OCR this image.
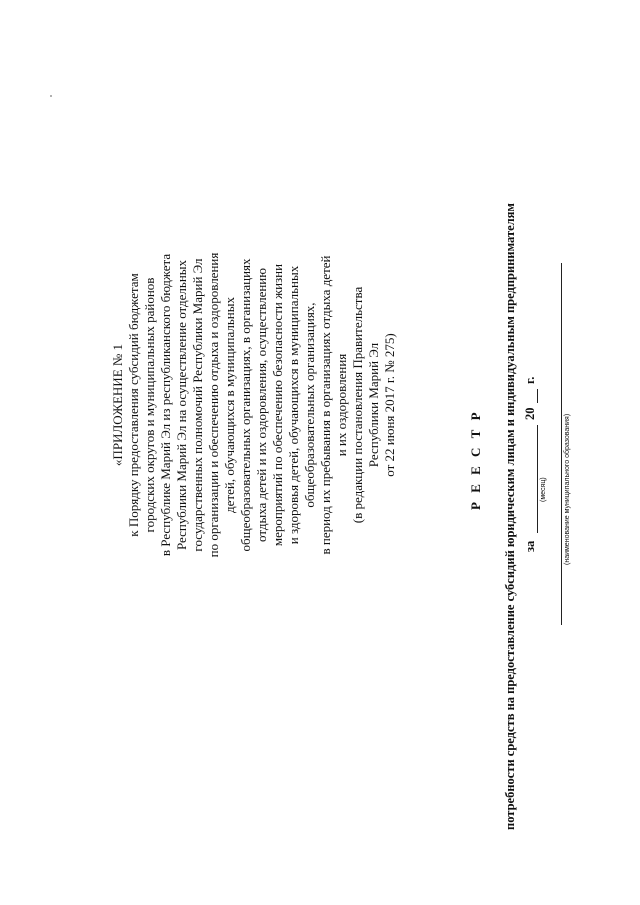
«ПРИЛОЖЕНИЕ № 1 к Порядку предоставления субсидий бюджетам городских округов и муниципальных районов в Республике Марий Эл из республиканского бюджета Республики Марий Эл на осуществление отдельных государственных полномочий Республики Марий Эл по организации и обеспечению отдыха и оздоровления детей, обучающихся в муниципальных общеобразовательных организациях, в организациях отдыха детей и их оздоровления, осуществлению мероприятий по обеспечению безопасности жизни и здоровья детей, обучающихся в муниципальных общеобразовательных организациях, в период их пребывания в организациях отдыха детей и их оздоровления (в редакции постановления Правительства Республики Марий Эл от 22 июня 2017 г. № 275)	Р Е Е С Т Р потребности средств на предоставление субсидий юридическим лицам и индивидуальным предпринимателям за
20
г.
(месяц) (наименование муниципального образования)
